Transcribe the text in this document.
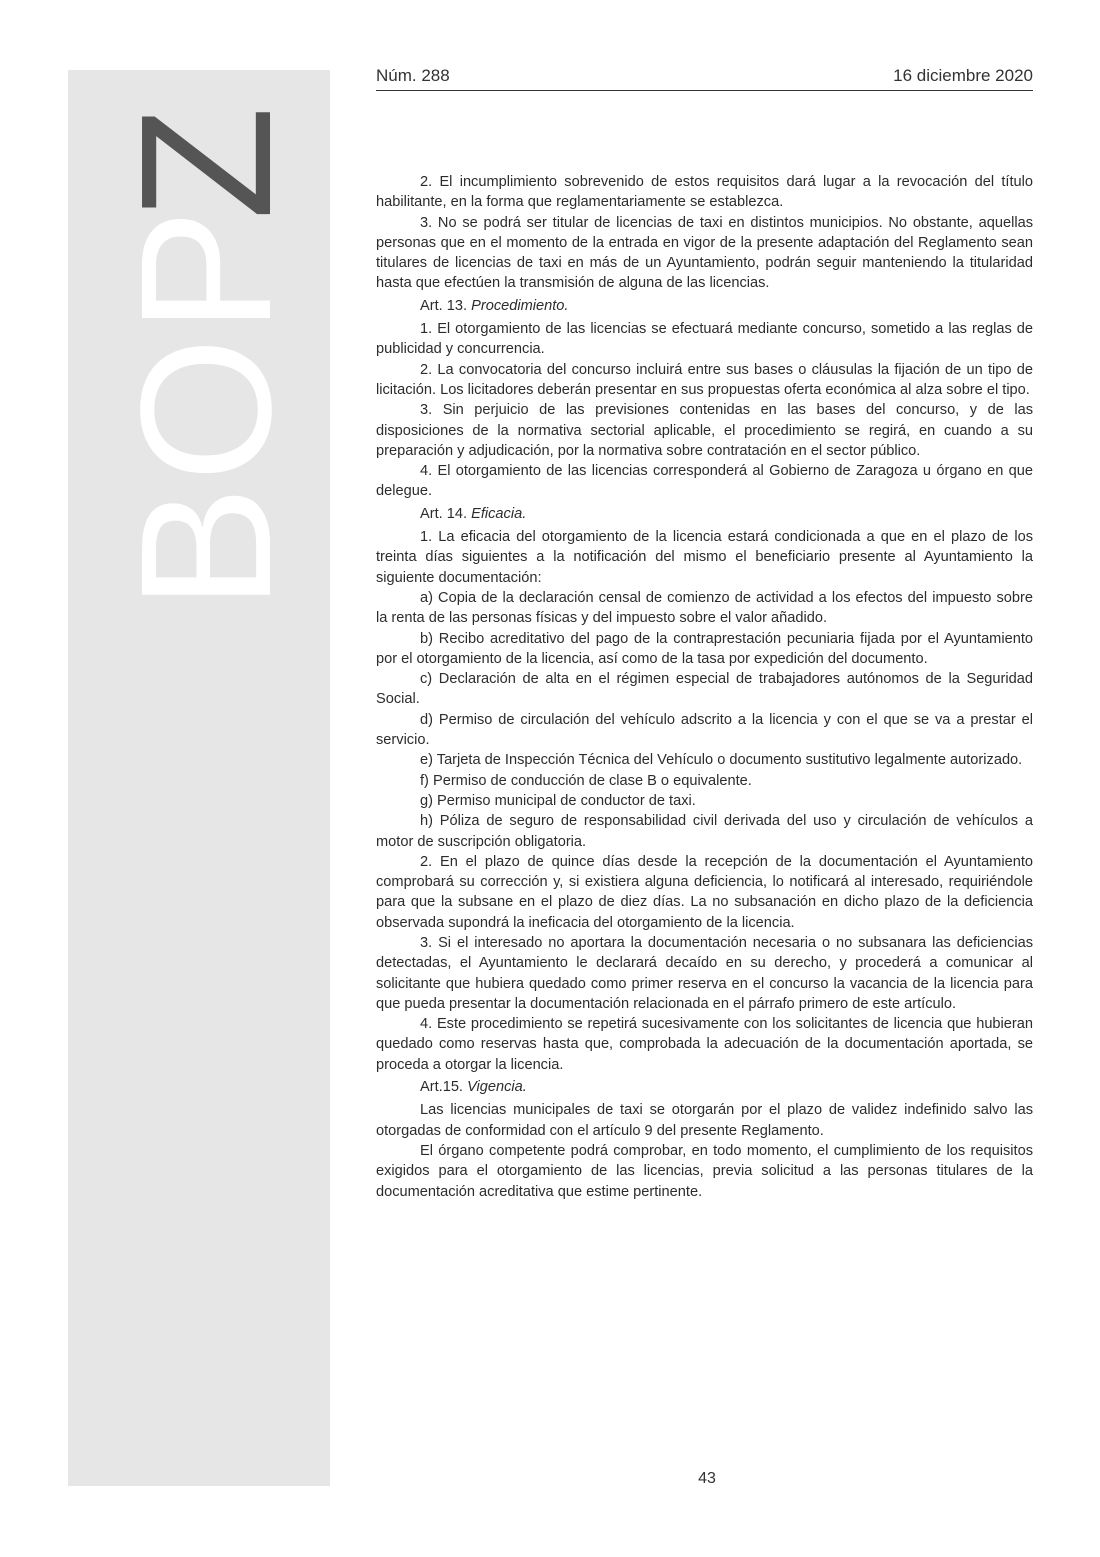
BOP
Z
Núm. 288	16 diciembre 2020

2. El incumplimiento sobrevenido de estos requisitos dará lugar a la revocación del título habilitante, en la forma que reglamentariamente se establezca.

3. No se podrá ser titular de licencias de taxi en distintos municipios. No obstante, aquellas personas que en el momento de la entrada en vigor de la presente adaptación del Reglamento sean titulares de licencias de taxi en más de un Ayuntamiento, podrán seguir manteniendo la titularidad hasta que efectúen la transmisión de alguna de las licencias.

Art. 13. Procedimiento.

1. El otorgamiento de las licencias se efectuará mediante concurso, sometido a las reglas de publicidad y concurrencia.

2. La convocatoria del concurso incluirá entre sus bases o cláusulas la fijación de un tipo de licitación. Los licitadores deberán presentar en sus propuestas oferta económica al alza sobre el tipo.

3. Sin perjuicio de las previsiones contenidas en las bases del concurso, y de las disposiciones de la normativa sectorial aplicable, el procedimiento se regirá, en cuando a su preparación y adjudicación, por la normativa sobre contratación en el sector público.

4. El otorgamiento de las licencias corresponderá al Gobierno de Zaragoza u órgano en que delegue.

Art. 14. Eficacia.

1. La eficacia del otorgamiento de la licencia estará condicionada a que en el plazo de los treinta días siguientes a la notificación del mismo el beneficiario presente al Ayuntamiento la siguiente documentación:

a) Copia de la declaración censal de comienzo de actividad a los efectos del impuesto sobre la renta de las personas físicas y del impuesto sobre el valor añadido.

b) Recibo acreditativo del pago de la contraprestación pecuniaria fijada por el Ayuntamiento por el otorgamiento de la licencia, así como de la tasa por expedición del documento.

c) Declaración de alta en el régimen especial de trabajadores autónomos de la Seguridad Social.

d) Permiso de circulación del vehículo adscrito a la licencia y con el que se va a prestar el servicio.

e) Tarjeta de Inspección Técnica del Vehículo o documento sustitutivo legalmente autorizado.

f) Permiso de conducción de clase B o equivalente.

g) Permiso municipal de conductor de taxi.

h) Póliza de seguro de responsabilidad civil derivada del uso y circulación de vehículos a motor de suscripción obligatoria.

2. En el plazo de quince días desde la recepción de la documentación el Ayuntamiento comprobará su corrección y, si existiera alguna deficiencia, lo notificará al interesado, requiriéndole para que la subsane en el plazo de diez días. La no subsanación en dicho plazo de la deficiencia observada supondrá la ineficacia del otorgamiento de la licencia.

3. Si el interesado no aportara la documentación necesaria o no subsanara las deficiencias detectadas, el Ayuntamiento le declarará decaído en su derecho, y procederá a comunicar al solicitante que hubiera quedado como primer reserva en el concurso la vacancia de la licencia para que pueda presentar la documentación relacionada en el párrafo primero de este artículo.

4. Este procedimiento se repetirá sucesivamente con los solicitantes de licencia que hubieran quedado como reservas hasta que, comprobada la adecuación de la documentación aportada, se proceda a otorgar la licencia.

Art.15. Vigencia.

Las licencias municipales de taxi se otorgarán por el plazo de validez indefinido salvo las otorgadas de conformidad con el artículo 9 del presente Reglamento.

El órgano competente podrá comprobar, en todo momento, el cumplimiento de los requisitos exigidos para el otorgamiento de las licencias, previa solicitud a las personas titulares de la documentación acreditativa que estime pertinente.

43
